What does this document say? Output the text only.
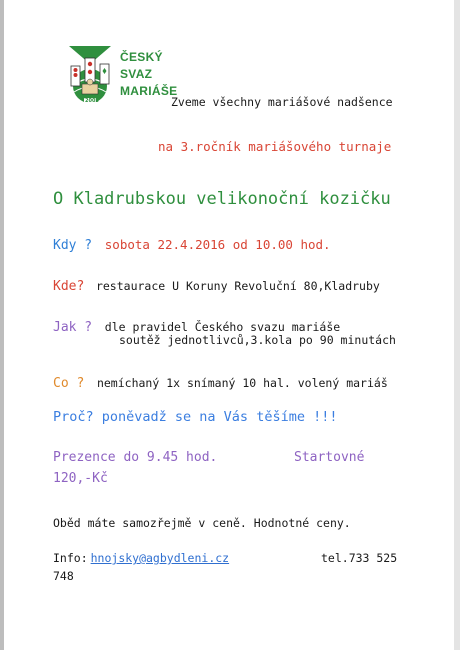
2005
ČESKÝ
SVAZ
MARIÁŠE
Zveme všechny mariášové nadšence
na 3.ročník mariášového turnaje
O Kladrubskou velikonoční kozičku
Kdy ? sobota 22.4.2016 od 10.00 hod.
Kde? restaurace U Koruny Revoluční 80,Kladruby
Jak ? dle pravidel Českého svazu mariáše
soutěž jednotlivců,3.kola po 90 minutách
Co ? nemíchaný 1x snímaný 10 hal. volený mariáš
Proč? poněvadž se na Vás těšíme !!!
Prezence do 9.45 hod.	Startovné
120,-Kč
Oběd máte samozřejmě v ceně. Hodnotné ceny.
Info: hnojsky@agbydleni.cz	tel.733 525
748
